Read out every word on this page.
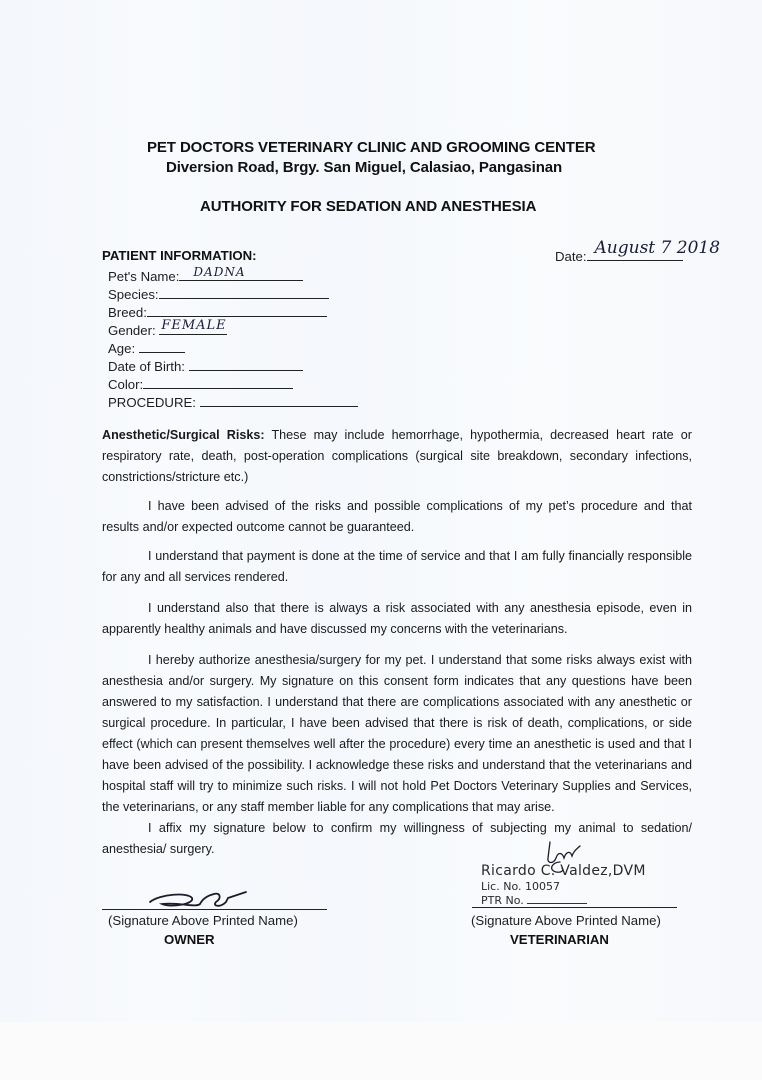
PET DOCTORS VETERINARY CLINIC AND GROOMING CENTER
Diversion Road, Brgy. San Miguel, Calasiao, Pangasinan
AUTHORITY FOR SEDATION AND ANESTHESIA
Date: August 7 2018
PATIENT INFORMATION:
Pet's Name: DADNA
Species:
Breed:
Gender: FEMALE
Age:
Date of Birth:
Color:
PROCEDURE:
Anesthetic/Surgical Risks: These may include hemorrhage, hypothermia, decreased heart rate or respiratory rate, death, post-operation complications (surgical site breakdown, secondary infections, constrictions/stricture etc.)
I have been advised of the risks and possible complications of my pet’s procedure and that results and/or expected outcome cannot be guaranteed.
I understand that payment is done at the time of service and that I am fully financially responsible for any and all services rendered.
I understand also that there is always a risk associated with any anesthesia episode, even in apparently healthy animals and have discussed my concerns with the veterinarians.
I hereby authorize anesthesia/surgery for my pet. I understand that some risks always exist with anesthesia and/or surgery. My signature on this consent form indicates that any questions have been answered to my satisfaction. I understand that there are complications associated with any anesthetic or surgical procedure. In particular, I have been advised that there is risk of death, complications, or side effect (which can present themselves well after the procedure) every time an anesthetic is used and that I have been advised of the possibility. I acknowledge these risks and understand that the veterinarians and hospital staff will try to minimize such risks. I will not hold Pet Doctors Veterinary Supplies and Services, the veterinarians, or any staff member liable for any complications that may arise.
I affix my signature below to confirm my willingness of subjecting my animal to sedation/ anesthesia/ surgery.
(Signature Above Printed Name)
OWNER
Ricardo C. Valdez,DVM
Lic. No. 10057
PTR No.
(Signature Above Printed Name)
VETERINARIAN
